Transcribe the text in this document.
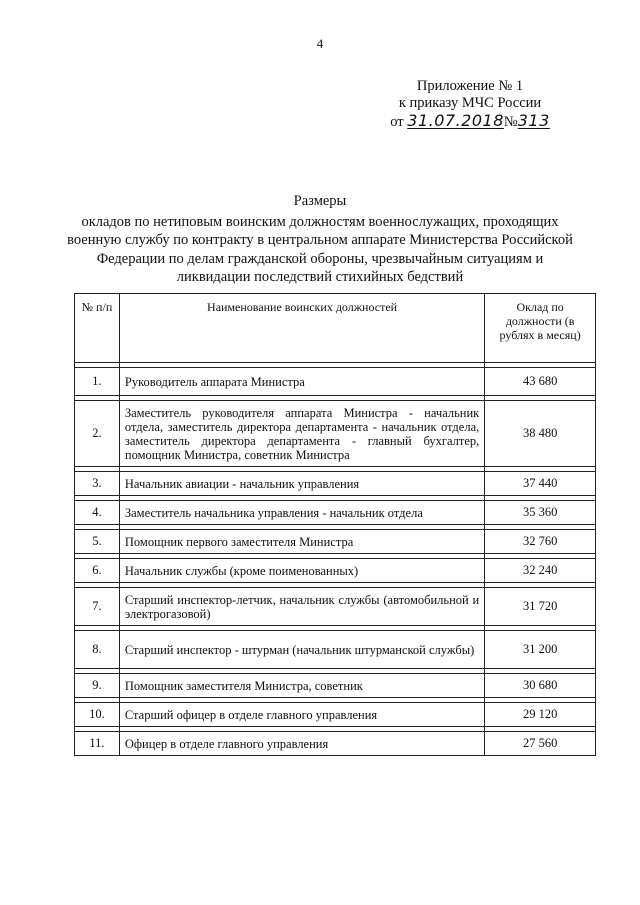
4
Приложение № 1
к приказу МЧС России
от 31.07.2018№313
Размеры
окладов по нетиповым воинским должностям военнослужащих, проходящих военную службу по контракту в центральном аппарате Министерства Российской Федерации по делам гражданской обороны, чрезвычайным ситуациям и ликвидации последствий стихийных бедствий
№ п/п	Наименование воинских должностей	Оклад по должности (в рублях в месяц)

1.	Руководитель аппарата Министра	43 680

2.	Заместитель руководителя аппарата Министра - начальник отдела, заместитель директора департамента - начальник отдела, заместитель директора департамента - главный бухгалтер, помощник Министра, советник Министра	38 480

3.	Начальник авиации - начальник управления	37 440

4.	Заместитель начальника управления - начальник отдела	35 360

5.	Помощник первого заместителя Министра	32 760

6.	Начальник службы (кроме поименованных)	32 240

7.	Старший инспектор-летчик, начальник службы (автомобильной и электрогазовой)	31 720

8.	Старший инспектор - штурман (начальник штурманской службы)	31 200

9.	Помощник заместителя Министра, советник	30 680

10.	Старший офицер в отделе главного управления	29 120

11.	Офицер в отделе главного управления	27 560
